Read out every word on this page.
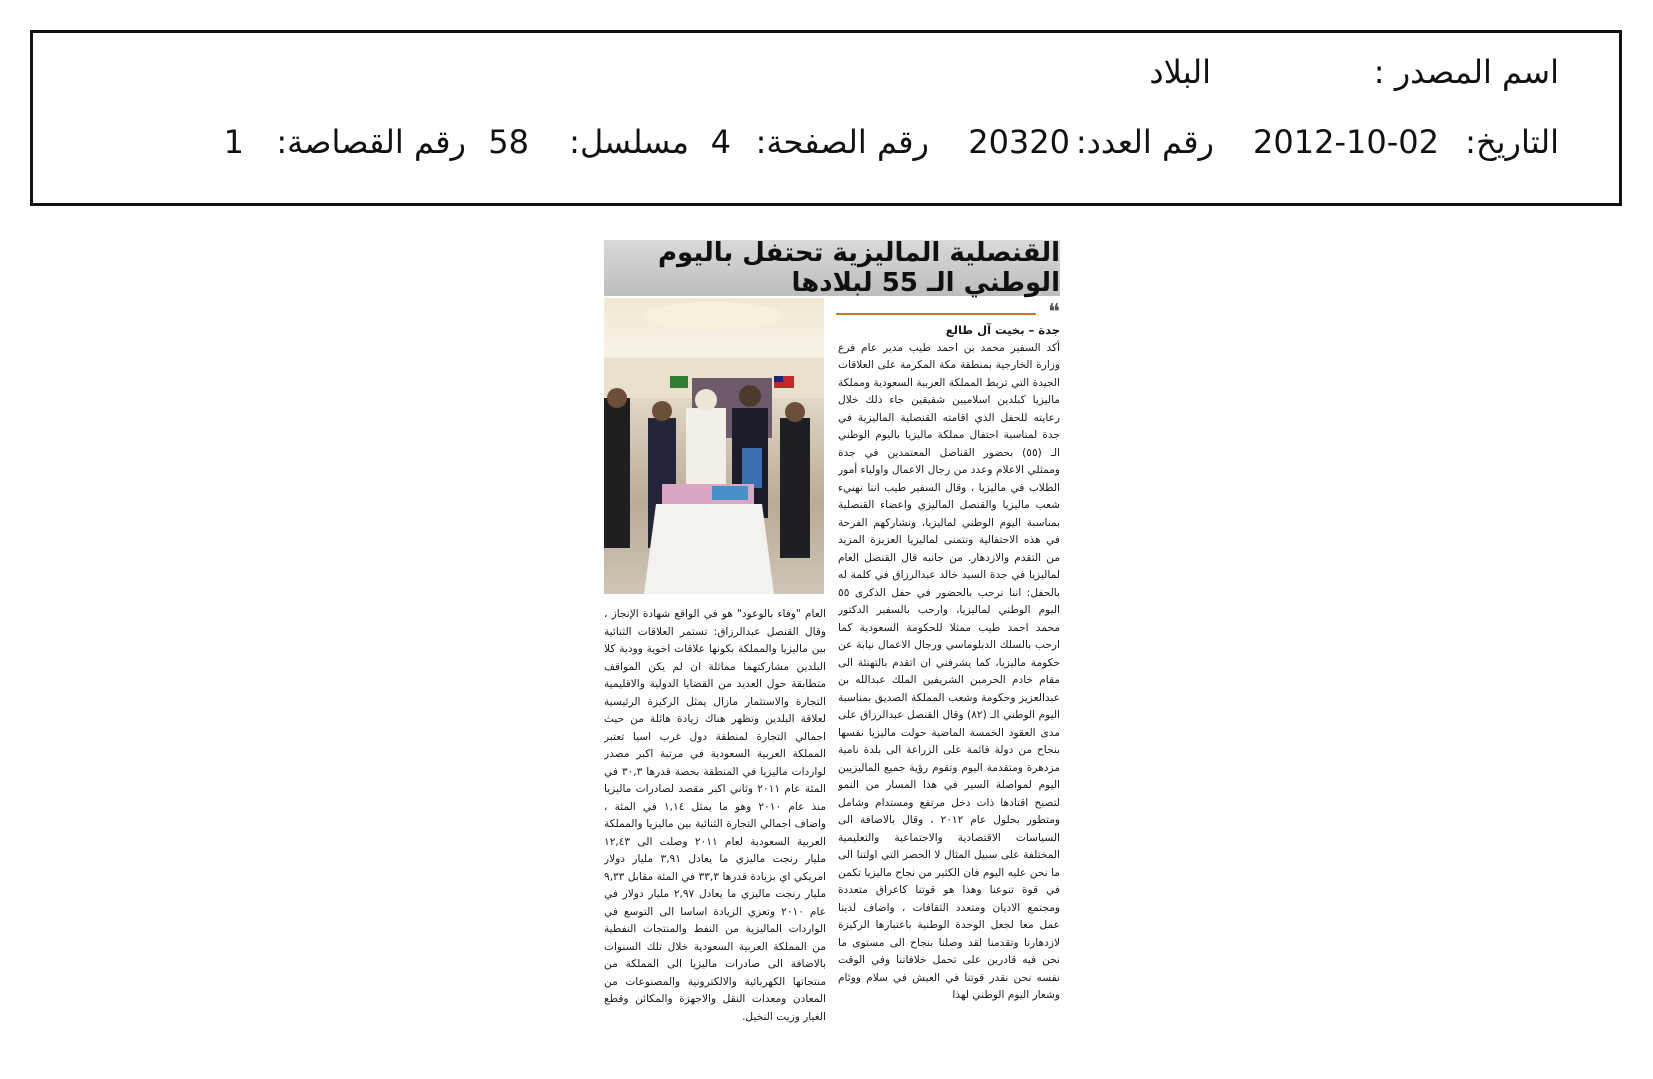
اسم المصدر :
البلاد
التاريخ:
2012-10-02
رقم العدد:
20320
رقم الصفحة:
4
مسلسل:
58
رقم القصاصة:
1
القنصلية الماليزية تحتفل باليوم الوطني الـ 55 لبلادها
❝
جدة – بخيت آل طالع
أكد السفير محمد بن احمد طيب مدير عام فرع وزارة الخارجية بمنطقة مكة المكرمة على العلاقات الجيدة التي تربط المملكة العربية السعودية ومملكة ماليزيا كبلدين اسلاميين شقيقين جاء ذلك خلال رعايته للحفل الذي اقامته القنصلية الماليزية في جدة لمناسبة احتفال مملكة ماليزيا باليوم الوطني الـ (٥٥) بحضور القناصل المعتمدين في جدة وممثلي الاعلام وعدد من رجال الاعمال واولياء أمور الطلاب في ماليزيا ، وقال السفير طيب اننا نهنيء شعب ماليزيا والقنصل الماليزي واعضاء القنصلية بمناسبة اليوم الوطني لماليزيا، ونشاركهم الفرحة في هذه الاحتفالية ونتمنى لماليزيا العزيزة المزيد من التقدم والازدهار. من جانبه قال القنصل العام لماليزيا في جدة السيد خالد عبدالرزاق في كلمة له بالحفل: اننا نرحب بالحضور في حفل الذكرى ٥٥ اليوم الوطني لماليزيا، وارحب بالسفير الدكتور محمد احمد طيب ممثلا للحكومة السعودية كما ارحب بالسلك الدبلوماسي ورجال الاعمال نيابة عن حكومة ماليزيا، كما يشرفني ان اتقدم بالتهنئة الى مقام خادم الحرمين الشريفين الملك عبدالله بن عبدالعزيز وحكومة وشعب المملكة الصديق بمناسبة اليوم الوطني الـ (٨٢) وقال القنصل عبدالرزاق على مدى العقود الخمسة الماضية حولت ماليزيا نفسها بنجاح من دولة قائمة على الزراعة الى بلدة نامية مزدهرة ومتقدمة اليوم وتقوم رؤية جميع الماليزيين اليوم لمواصلة السير في هذا المسار من النمو لتصبح اقتادها ذات دخل مرتفع ومستدام وشامل ومتطور بحلول عام ٢٠١٢ ، وقال بالاضافة الى السياسات الاقتصادية والاجتماعية والتعليمية المختلفة على سبيل المثال لا الحصر التي اولتنا الى ما نحن عليه اليوم فان الكثير من نجاح ماليزيا تكمن في قوة تنوعنا وهذا هو قوتنا كاعراق متعددة ومجتمع الاديان ومتعدد الثقافات ، واضاف لدينا عمل معا لجعل الوحدة الوطنية باعتبارها الركيزة لازدهارنا وتقدمنا لقد وصلنا بنجاح الى مستوى ما نحن فيه قادرين على تحمل خلافاتنا وفي الوقت نفسه نحن نقدر قوتنا في العيش في سلام ووئام وشعار اليوم الوطني لهذا
العام "وفاء بالوعود" هو في الواقع شهادة الإنجاز ، وقال القنصل عبدالرزاق: تستمر العلاقات الثنائية بين ماليزيا والمملكة بكونها علاقات اخوية وودية كلا البلدين مشاركتهما مماثلة ان لم يكن المواقف متطابقة حول العديد من القضايا الدولية والاقليمية التجارة والاستثمار مازال يمثل الركيزة الرئيسية لعلاقة البلدين وتظهر هناك زيادة هائلة من حيث اجمالي التجارة لمنطقة دول غرب اسيا تعتبر المملكة العربية السعودية في مرتبة اكبر مصدر لواردات ماليزيا في المنطقة بحصة قدرها ٣٠,٣ في المئة عام ٢٠١١ وثاني اكبر مقصد لصادرات ماليزيا منذ عام ٢٠١٠ وهو ما يمثل ١,١٤ في المئة ، واضاف اجمالي التجارة الثنائية بين ماليزيا والمملكة العربية السعودية لعام ٢٠١١ وصلت الى ١٢,٤٣ مليار رنجت ماليزي ما يعادل ٣,٩١ مليار دولار امريكي اي بزيادة قدرها ٣٣,٣ في المئة مقابل ٩,٣٣ مليار رنجت ماليزي ما يعادل ٢,٩٧ مليار دولار في عام ٢٠١٠ وتعزي الزيادة اساسا الى التوسع في الواردات الماليزية من النفط والمنتجات النفطية من المملكة العربية السعودية خلال تلك السنوات بالاضافة الى صادرات ماليزيا الى المملكة من منتجاتها الكهربائية والالكترونية والمصنوعات من المعادن ومعدات النقل والاجهزة والمكائن وقطع الغيار وزيت النخيل.
